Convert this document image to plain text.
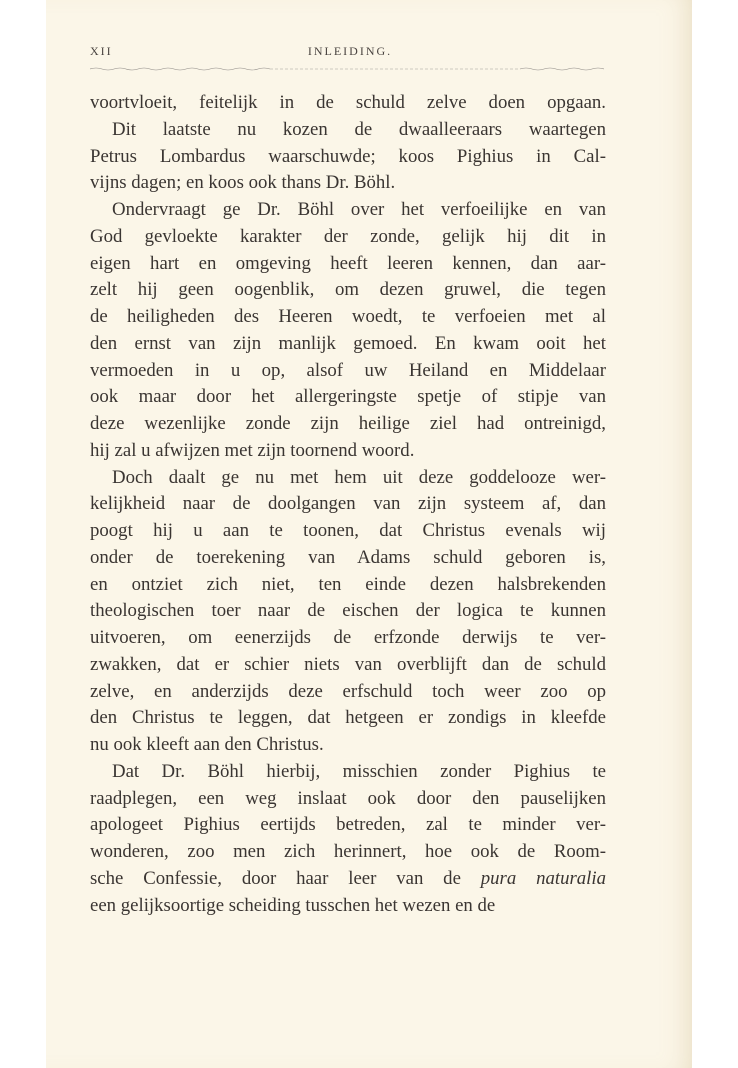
XII	INLEIDING.
voortvloeit, feitelijk in de schuld zelve doen opgaan.
Dit laatste nu kozen de dwaalleeraars waartegen
Petrus Lombardus waarschuwde; koos Pighius in Cal-
vijns dagen; en koos ook thans Dr. Böhl.
Ondervraagt ge Dr. Böhl over het verfoeilijke en van
God gevloekte karakter der zonde, gelijk hij dit in
eigen hart en omgeving heeft leeren kennen, dan aar-
zelt hij geen oogenblik, om dezen gruwel, die tegen
de heiligheden des Heeren woedt, te verfoeien met al
den ernst van zijn manlijk gemoed. En kwam ooit het
vermoeden in u op, alsof uw Heiland en Middelaar
ook maar door het allergeringste spetje of stipje van
deze wezenlijke zonde zijn heilige ziel had ontreinigd,
hij zal u afwijzen met zijn toornend woord.
Doch daalt ge nu met hem uit deze goddelooze wer-
kelijkheid naar de doolgangen van zijn systeem af, dan
poogt hij u aan te toonen, dat Christus evenals wij
onder de toerekening van Adams schuld geboren is,
en ontziet zich niet, ten einde dezen halsbrekenden
theologischen toer naar de eischen der logica te kunnen
uitvoeren, om eenerzijds de erfzonde derwijs te ver-
zwakken, dat er schier niets van overblijft dan de schuld
zelve, en anderzijds deze erfschuld toch weer zoo op
den Christus te leggen, dat hetgeen er zondigs in kleefde
nu ook kleeft aan den Christus.
Dat Dr. Böhl hierbij, misschien zonder Pighius te
raadplegen, een weg inslaat ook door den pauselijken
apologeet Pighius eertijds betreden, zal te minder ver-
wonderen, zoo men zich herinnert, hoe ook de Room-
sche Confessie, door haar leer van de pura naturalia
een gelijksoortige scheiding tusschen het wezen en de
